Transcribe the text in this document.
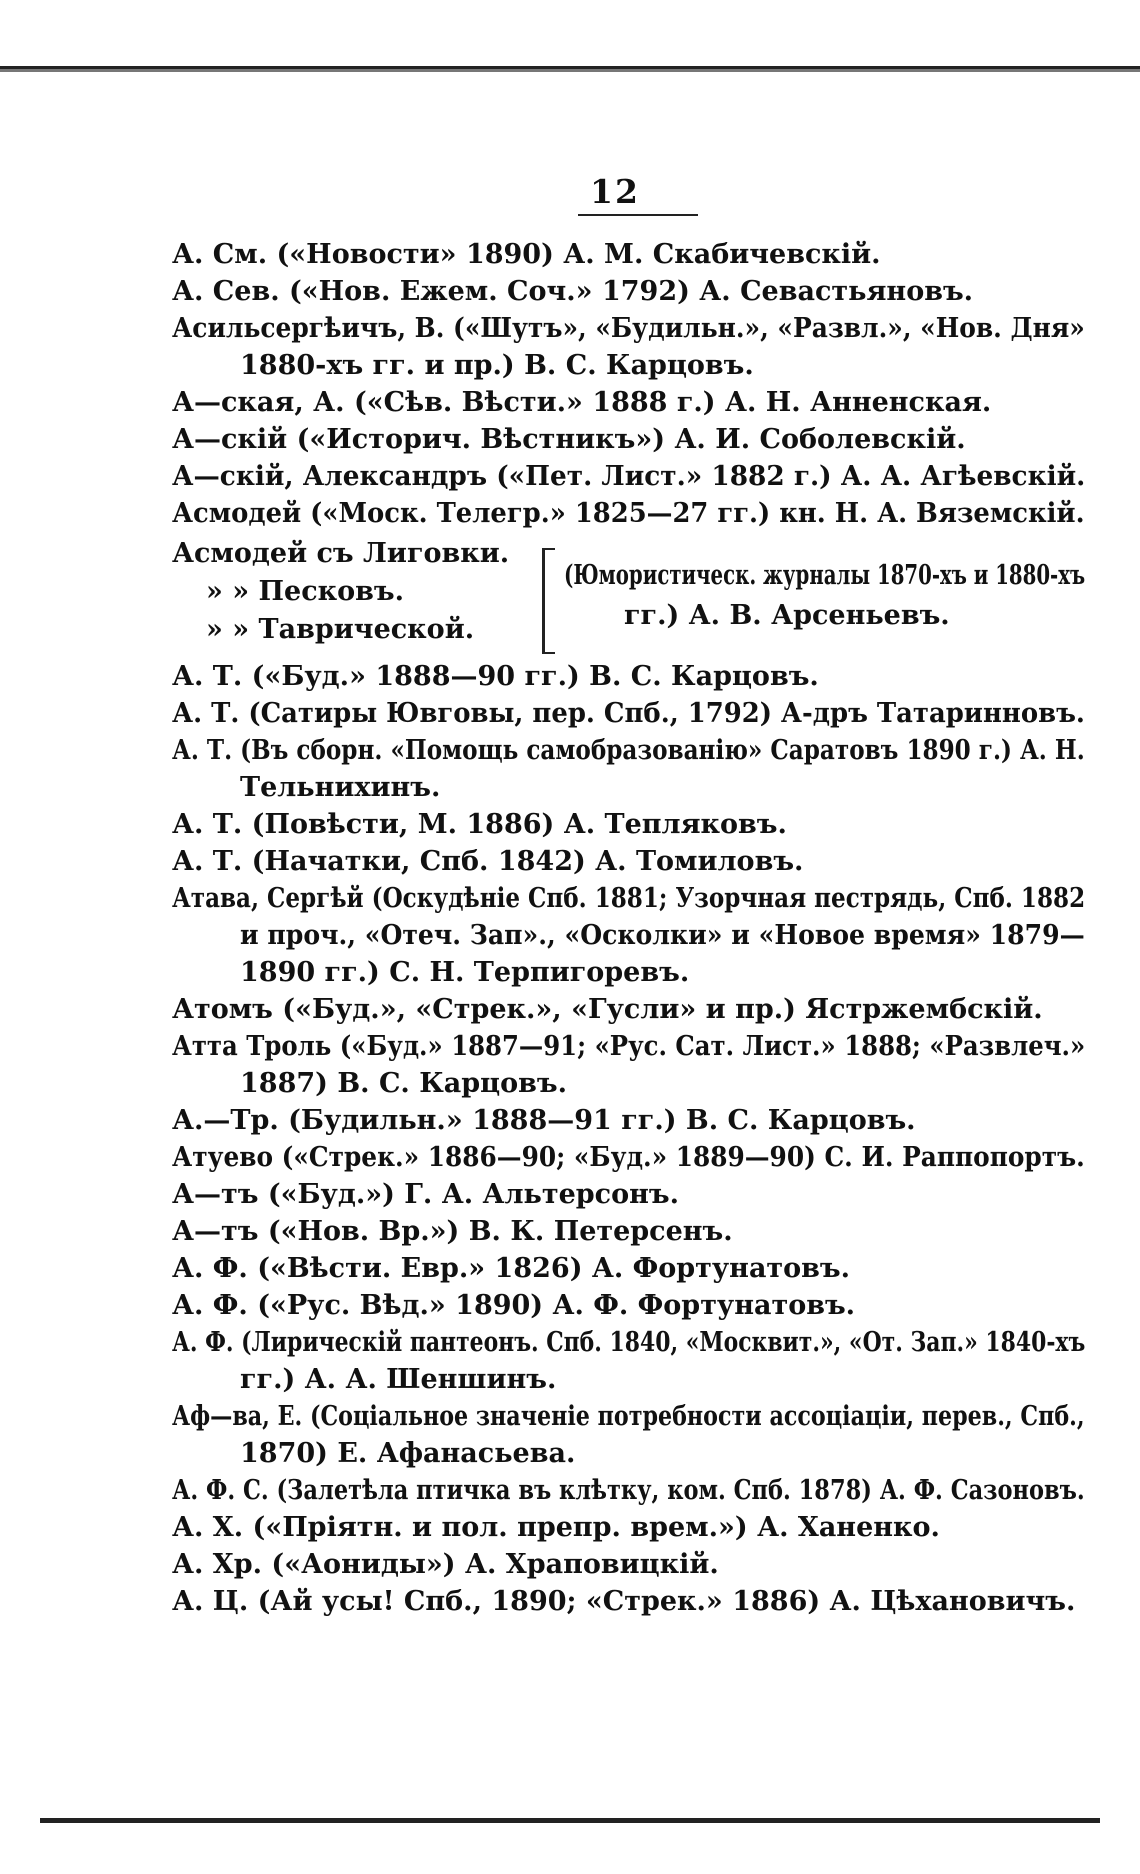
12
А. См. («Новости» 1890) А. М. Скабичевскій.
А. Сев. («Нов. Ежем. Соч.» 1792) А. Севастьяновъ.
Асильсергѣичъ, В. («Шутъ», «Будильн.», «Развл.», «Нов. Дня»
1880-хъ гг. и пр.) В. С. Карцовъ.
А—ская, А. («Сѣв. Вѣсти.» 1888 г.) А. Н. Анненская.
А—скій («Историч. Вѣстникъ») А. И. Соболевскій.
А—скій, Александръ («Пет. Лист.» 1882 г.) А. А. Агѣевскій.
Асмодей («Моск. Телегр.» 1825—27 гг.) кн. Н. А. Вяземскій.
Асмодей съ Лиговки.
» » Песковъ.
» » Таврической.
(Юмористическ. журналы 1870-хъ и 1880-хъ
гг.) А. В. Арсеньевъ.
А. Т. («Буд.» 1888—90 гг.) В. С. Карцовъ.
А. Т. (Сатиры Ювговы, пер. Спб., 1792) А-дръ Татаринновъ.
А. Т. (Въ сборн. «Помощь самобразованію» Саратовъ 1890 г.) А. Н.
Тельнихинъ.
А. Т. (Повѣсти, М. 1886) А. Тепляковъ.
А. Т. (Начатки, Спб. 1842) А. Томиловъ.
Атава, Сергѣй (Оскудѣніе Спб. 1881; Узорчная пестрядь, Спб. 1882
и проч., «Отеч. Зап»., «Осколки» и «Новое время» 1879—
1890 гг.) С. Н. Терпигоревъ.
Атомъ («Буд.», «Стрек.», «Гусли» и пр.) Ястржембскій.
Атта Троль («Буд.» 1887—91; «Рус. Сат. Лист.» 1888; «Развлеч.»
1887) В. С. Карцовъ.
А.—Тр. (Будильн.» 1888—91 гг.) В. С. Карцовъ.
Атуево («Стрек.» 1886—90; «Буд.» 1889—90) С. И. Раппопортъ.
А—тъ («Буд.») Г. А. Альтерсонъ.
А—тъ («Нов. Вр.») В. К. Петерсенъ.
А. Ф. («Вѣсти. Евр.» 1826) А. Фортунатовъ.
А. Ф. («Рус. Вѣд.» 1890) А. Ф. Фортунатовъ.
А. Ф. (Лирическій пантеонъ. Спб. 1840, «Москвит.», «От. Зап.» 1840-хъ
гг.) А. А. Шеншинъ.
Аф—ва, Е. (Соціальное значеніе потребности ассоціаціи, перев., Спб.,
1870) Е. Афанасьева.
А. Ф. С. (Залетѣла птичка въ клѣтку, ком. Спб. 1878) А. Ф. Сазоновъ.
А. Х. («Пріятн. и пол. препр. врем.») А. Ханенко.
А. Хр. («Аониды») А. Храповицкій.
А. Ц. (Ай усы! Спб., 1890; «Стрек.» 1886) А. Цѣхановичъ.
